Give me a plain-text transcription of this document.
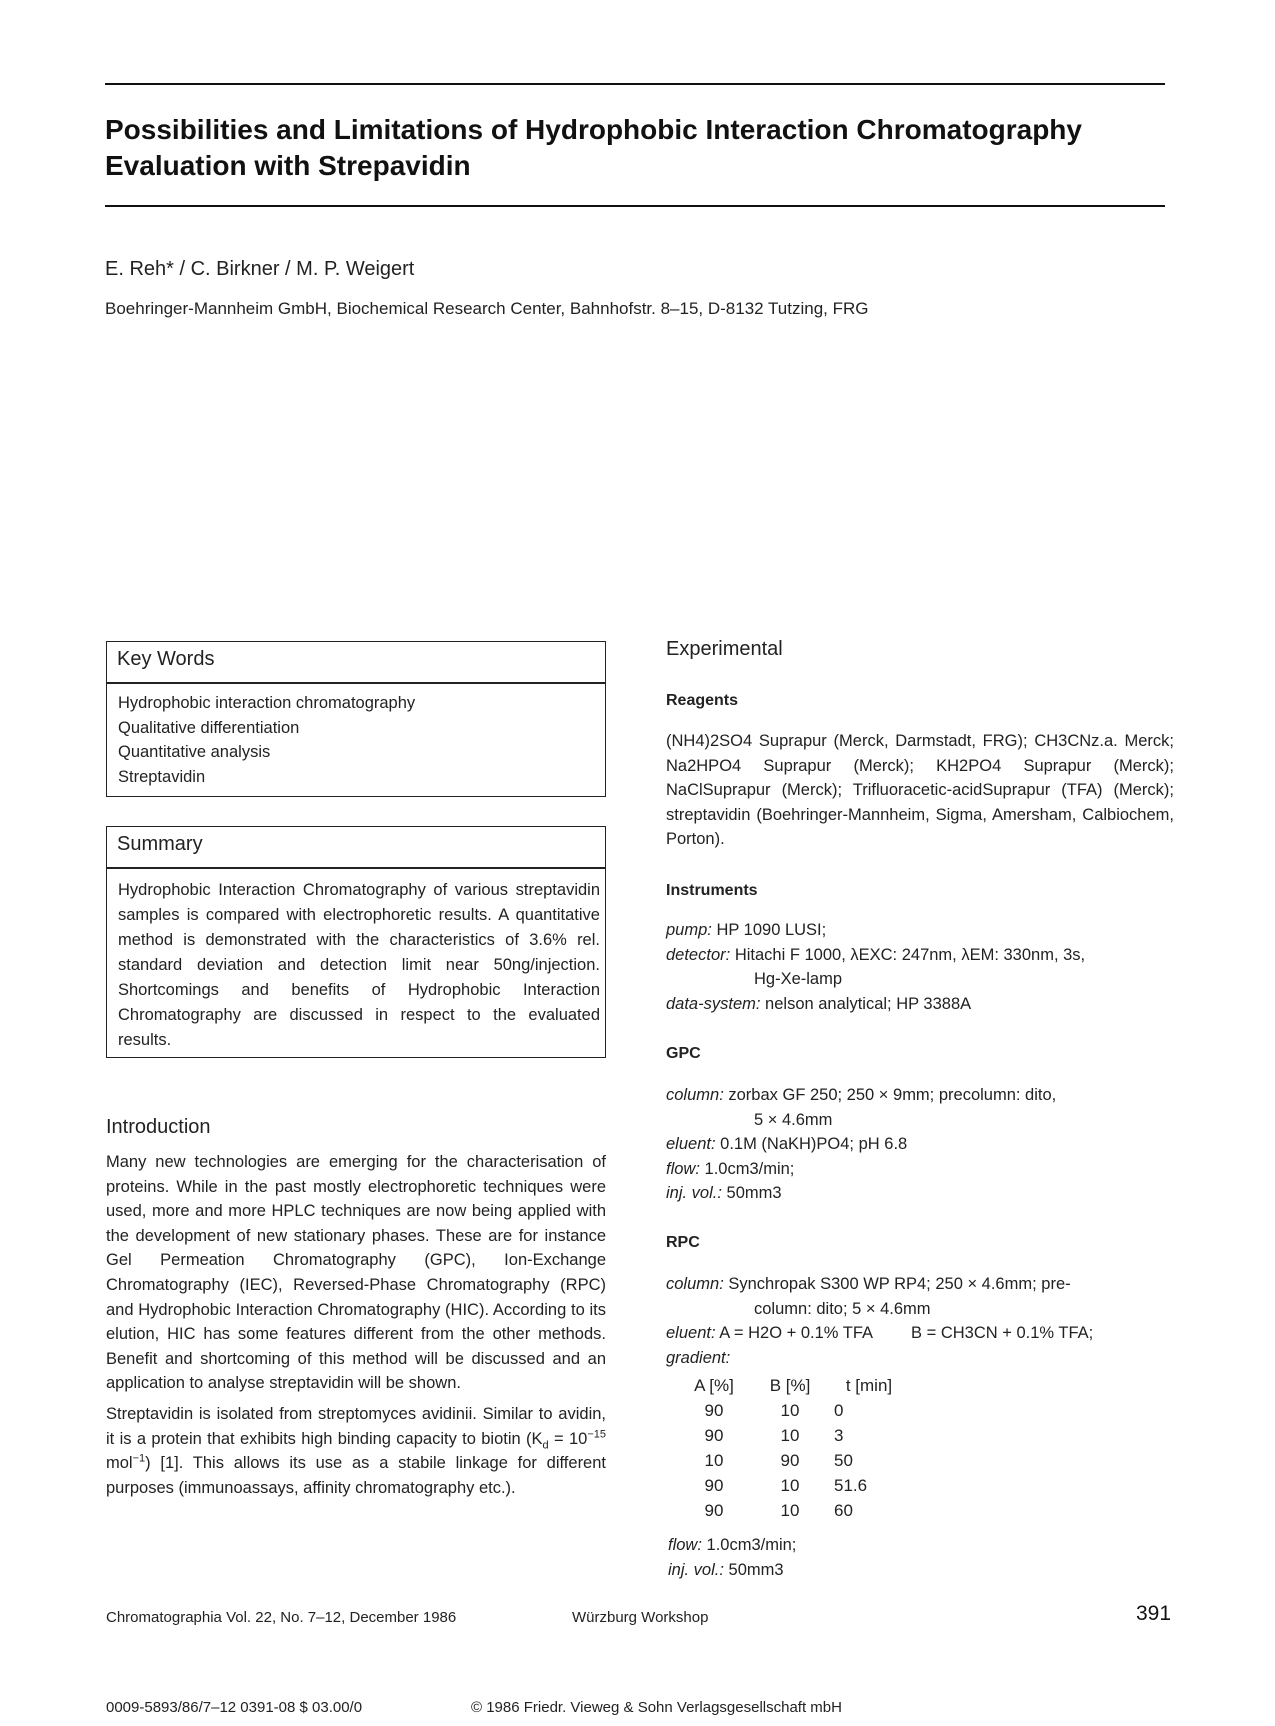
Possibilities and Limitations of Hydrophobic Interaction Chromatography
Evaluation with Strepavidin
E. Reh* / C. Birkner / M. P. Weigert
Boehringer-Mannheim GmbH, Biochemical Research Center, Bahnhofstr. 8–15, D-8132 Tutzing, FRG
Key Words
Hydrophobic interaction chromatography
Qualitative differentiation
Quantitative analysis
Streptavidin
Summary
Hydrophobic Interaction Chromatography of various streptavidin samples is compared with electrophoretic results. A quantitative method is demonstrated with the characteristics of 3.6% rel. standard deviation and detection limit near 50ng/injection. Shortcomings and benefits of Hydrophobic Interaction Chromatography are discussed in respect to the evaluated results.
Introduction

Many new technologies are emerging for the characterisation of proteins. While in the past mostly electrophoretic techniques were used, more and more HPLC techniques are now being applied with the development of new stationary phases. These are for instance Gel Permeation Chromatography (GPC), Ion-Exchange Chromatography (IEC), Reversed-Phase Chromatography (RPC) and Hydrophobic Interaction Chromatography (HIC). According to its elution, HIC has some features different from the other methods. Benefit and shortcoming of this method will be discussed and an application to analyse streptavidin will be shown.

Streptavidin is isolated from streptomyces avidinii. Similar to avidin, it is a protein that exhibits high binding capacity to biotin ($K_d = 10^{-15}$ mol$^{-1}$) [1]. This allows its use as a stabile linkage for different purposes (immunoassays, affinity chromatography etc.).

Experimental
Reagents
(NH4)2SO4 Suprapur (Merck, Darmstadt, FRG); CH3CNz.a. Merck; Na2HPO4 Suprapur (Merck); KH2PO4 Suprapur (Merck); NaClSuprapur (Merck); Trifluoracetic-acidSuprapur (TFA) (Merck); streptavidin (Boehringer-Mannheim, Sigma, Amersham, Calbiochem, Porton).
Instruments
pump: HP 1090 LUSI;
detector: Hitachi F 1000, λEXC: 247nm, λEM: 330nm, 3s,
Hg-Xe-lamp
data-system: nelson analytical; HP 3388A
GPC
column: zorbax GF 250; 250 × 9mm; precolumn: dito,
5 × 4.6mm
eluent: 0.1M (NaKH)PO4; pH 6.8
flow: 1.0cm3/min;
inj. vol.: 50mm3
RPC
column: Synchropak S300 WP RP4; 250 × 4.6mm; pre-
column: dito; 5 × 4.6mm
eluent: A = H2O + 0.1% TFA B = CH3CN + 0.1% TFA;
gradient:
A [%]	B [%]	t [min]
90	10	0
90	10	3
10	90	50
90	10	51.6
90	10	60
flow: 1.0cm3/min;
inj. vol.: 50mm3
Chromatographia Vol. 22, No. 7–12, December 1986	Würzburg Workshop	391
0009-5893/86/7–12 0391-08 $ 03.00/0	© 1986 Friedr. Vieweg & Sohn Verlagsgesellschaft mbH
